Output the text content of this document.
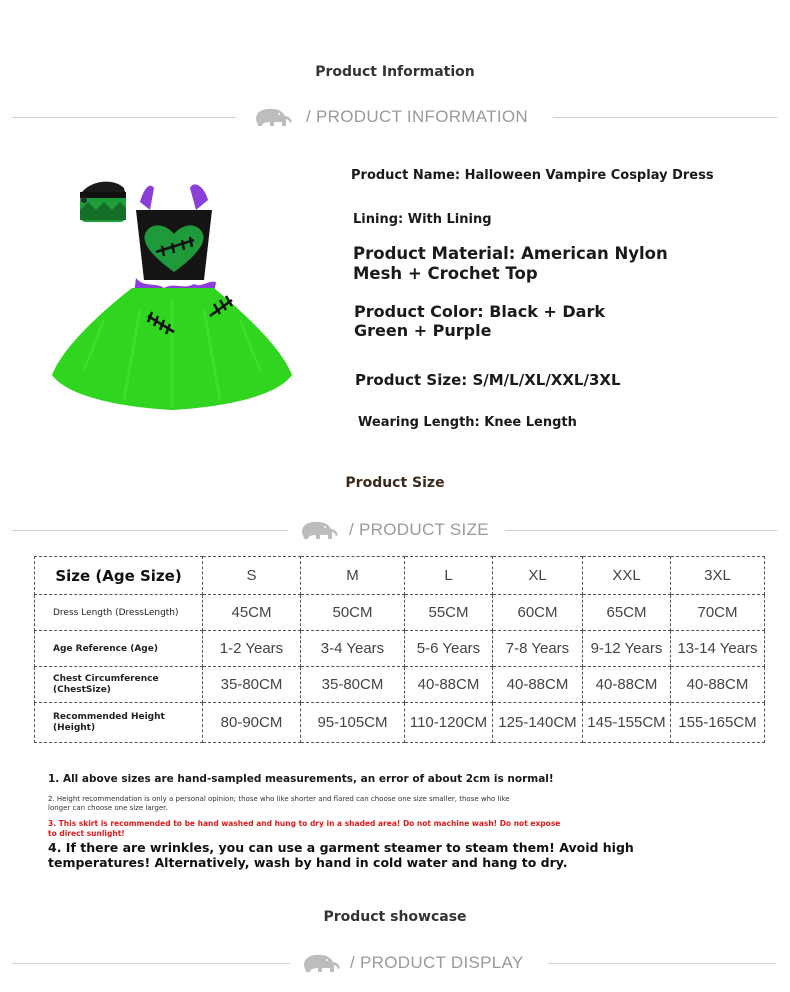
Product Information
/ PRODUCT INFORMATION
Product Name: Halloween Vampire Cosplay Dress
Lining: With Lining
Product Material: American Nylon
Mesh + Crochet Top
Product Color: Black + Dark
Green + Purple
Product Size: S/M/L/XL/XXL/3XL
Wearing Length: Knee Length
Product Size
/ PRODUCT SIZE
Size (Age Size)	S	M	L	XL	XXL	3XL
Dress Length (DressLength)	45CM	50CM	55CM	60CM	65CM	70CM
Age Reference (Age)	1-2 Years	3-4 Years	5-6 Years	7-8 Years	9-12 Years	13-14 Years

Chest Circumference
(ChestSize)	35-80CM	35-80CM	40-88CM	40-88CM	40-88CM	40-88CM

Recommended Height
(Height)	80-90CM	95-105CM	110-120CM	125-140CM	145-155CM	155-165CM
1. All above sizes are hand-sampled measurements, an error of about 2cm is normal!
2. Height recommendation is only a personal opinion; those who like shorter and flared can choose one size smaller, those who like
longer can choose one size larger.
3. This skirt is recommended to be hand washed and hung to dry in a shaded area! Do not machine wash! Do not expose
to direct sunlight!
4. If there are wrinkles, you can use a garment steamer to steam them! Avoid high
temperatures! Alternatively, wash by hand in cold water and hang to dry.
Product showcase
/ PRODUCT DISPLAY
